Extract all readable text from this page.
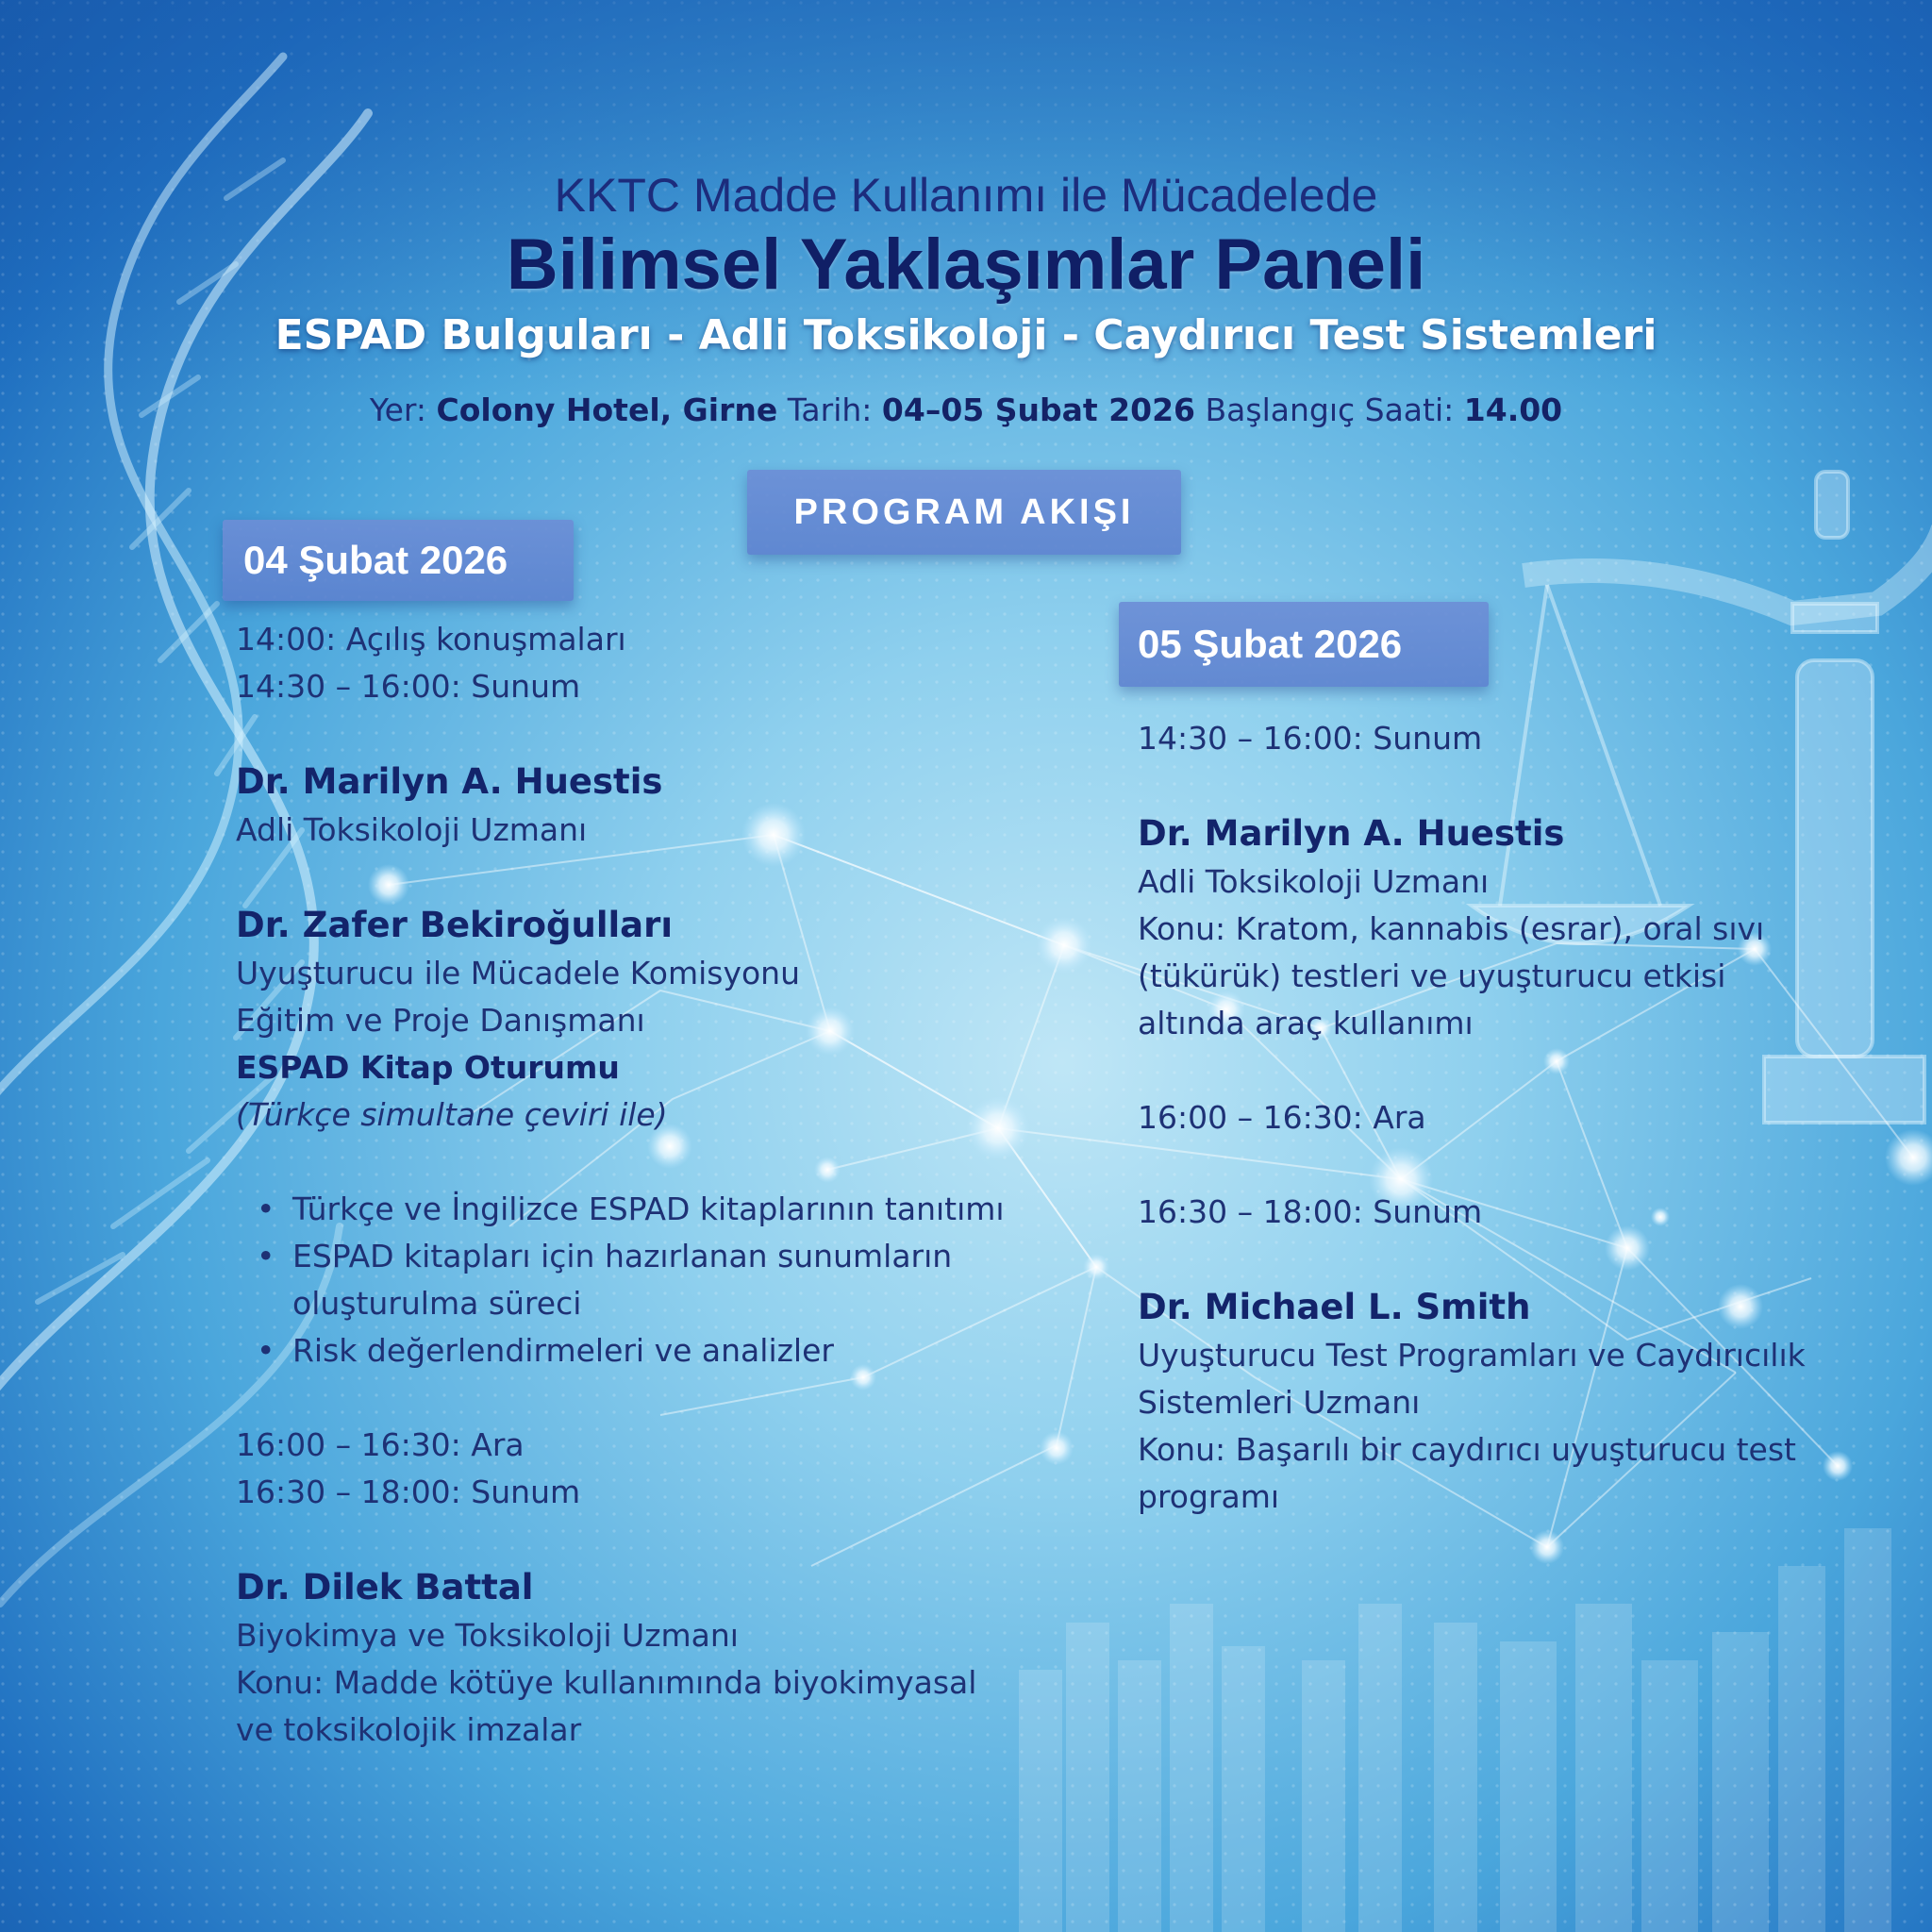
KKTC Madde Kullanımı ile Mücadelede
Bilimsel Yaklaşımlar Paneli
ESPAD Bulguları - Adli Toksikoloji - Caydırıcı Test Sistemleri
Yer: Colony Hotel, Girne Tarih: 04–05 Şubat 2026 Başlangıç Saati: 14.00
PROGRAM AKIŞI
04 Şubat 2026
05 Şubat 2026
14:00: Açılış konuşmaları
14:30 – 16:00: Sunum
Dr. Marilyn A. Huestis
Adli Toksikoloji Uzmanı
Dr. Zafer Bekiroğulları
Uyuşturucu ile Mücadele Komisyonu
Eğitim ve Proje Danışmanı
ESPAD Kitap Oturumu
(Türkçe simultane çeviri ile)
• Türkçe ve İngilizce ESPAD kitaplarının tanıtımı
• ESPAD kitapları için hazırlanan sunumların
oluşturulma süreci
• Risk değerlendirmeleri ve analizler
16:00 – 16:30: Ara
16:30 – 18:00: Sunum
Dr. Dilek Battal
Biyokimya ve Toksikoloji Uzmanı
Konu: Madde kötüye kullanımında biyokimyasal
ve toksikolojik imzalar
14:30 – 16:00: Sunum
Dr. Marilyn A. Huestis
Adli Toksikoloji Uzmanı
Konu: Kratom, kannabis (esrar), oral sıvı
(tükürük) testleri ve uyuşturucu etkisi
altında araç kullanımı
16:00 – 16:30: Ara
16:30 – 18:00: Sunum
Dr. Michael L. Smith
Uyuşturucu Test Programları ve Caydırıcılık
Sistemleri Uzmanı
Konu: Başarılı bir caydırıcı uyuşturucu test
programı
